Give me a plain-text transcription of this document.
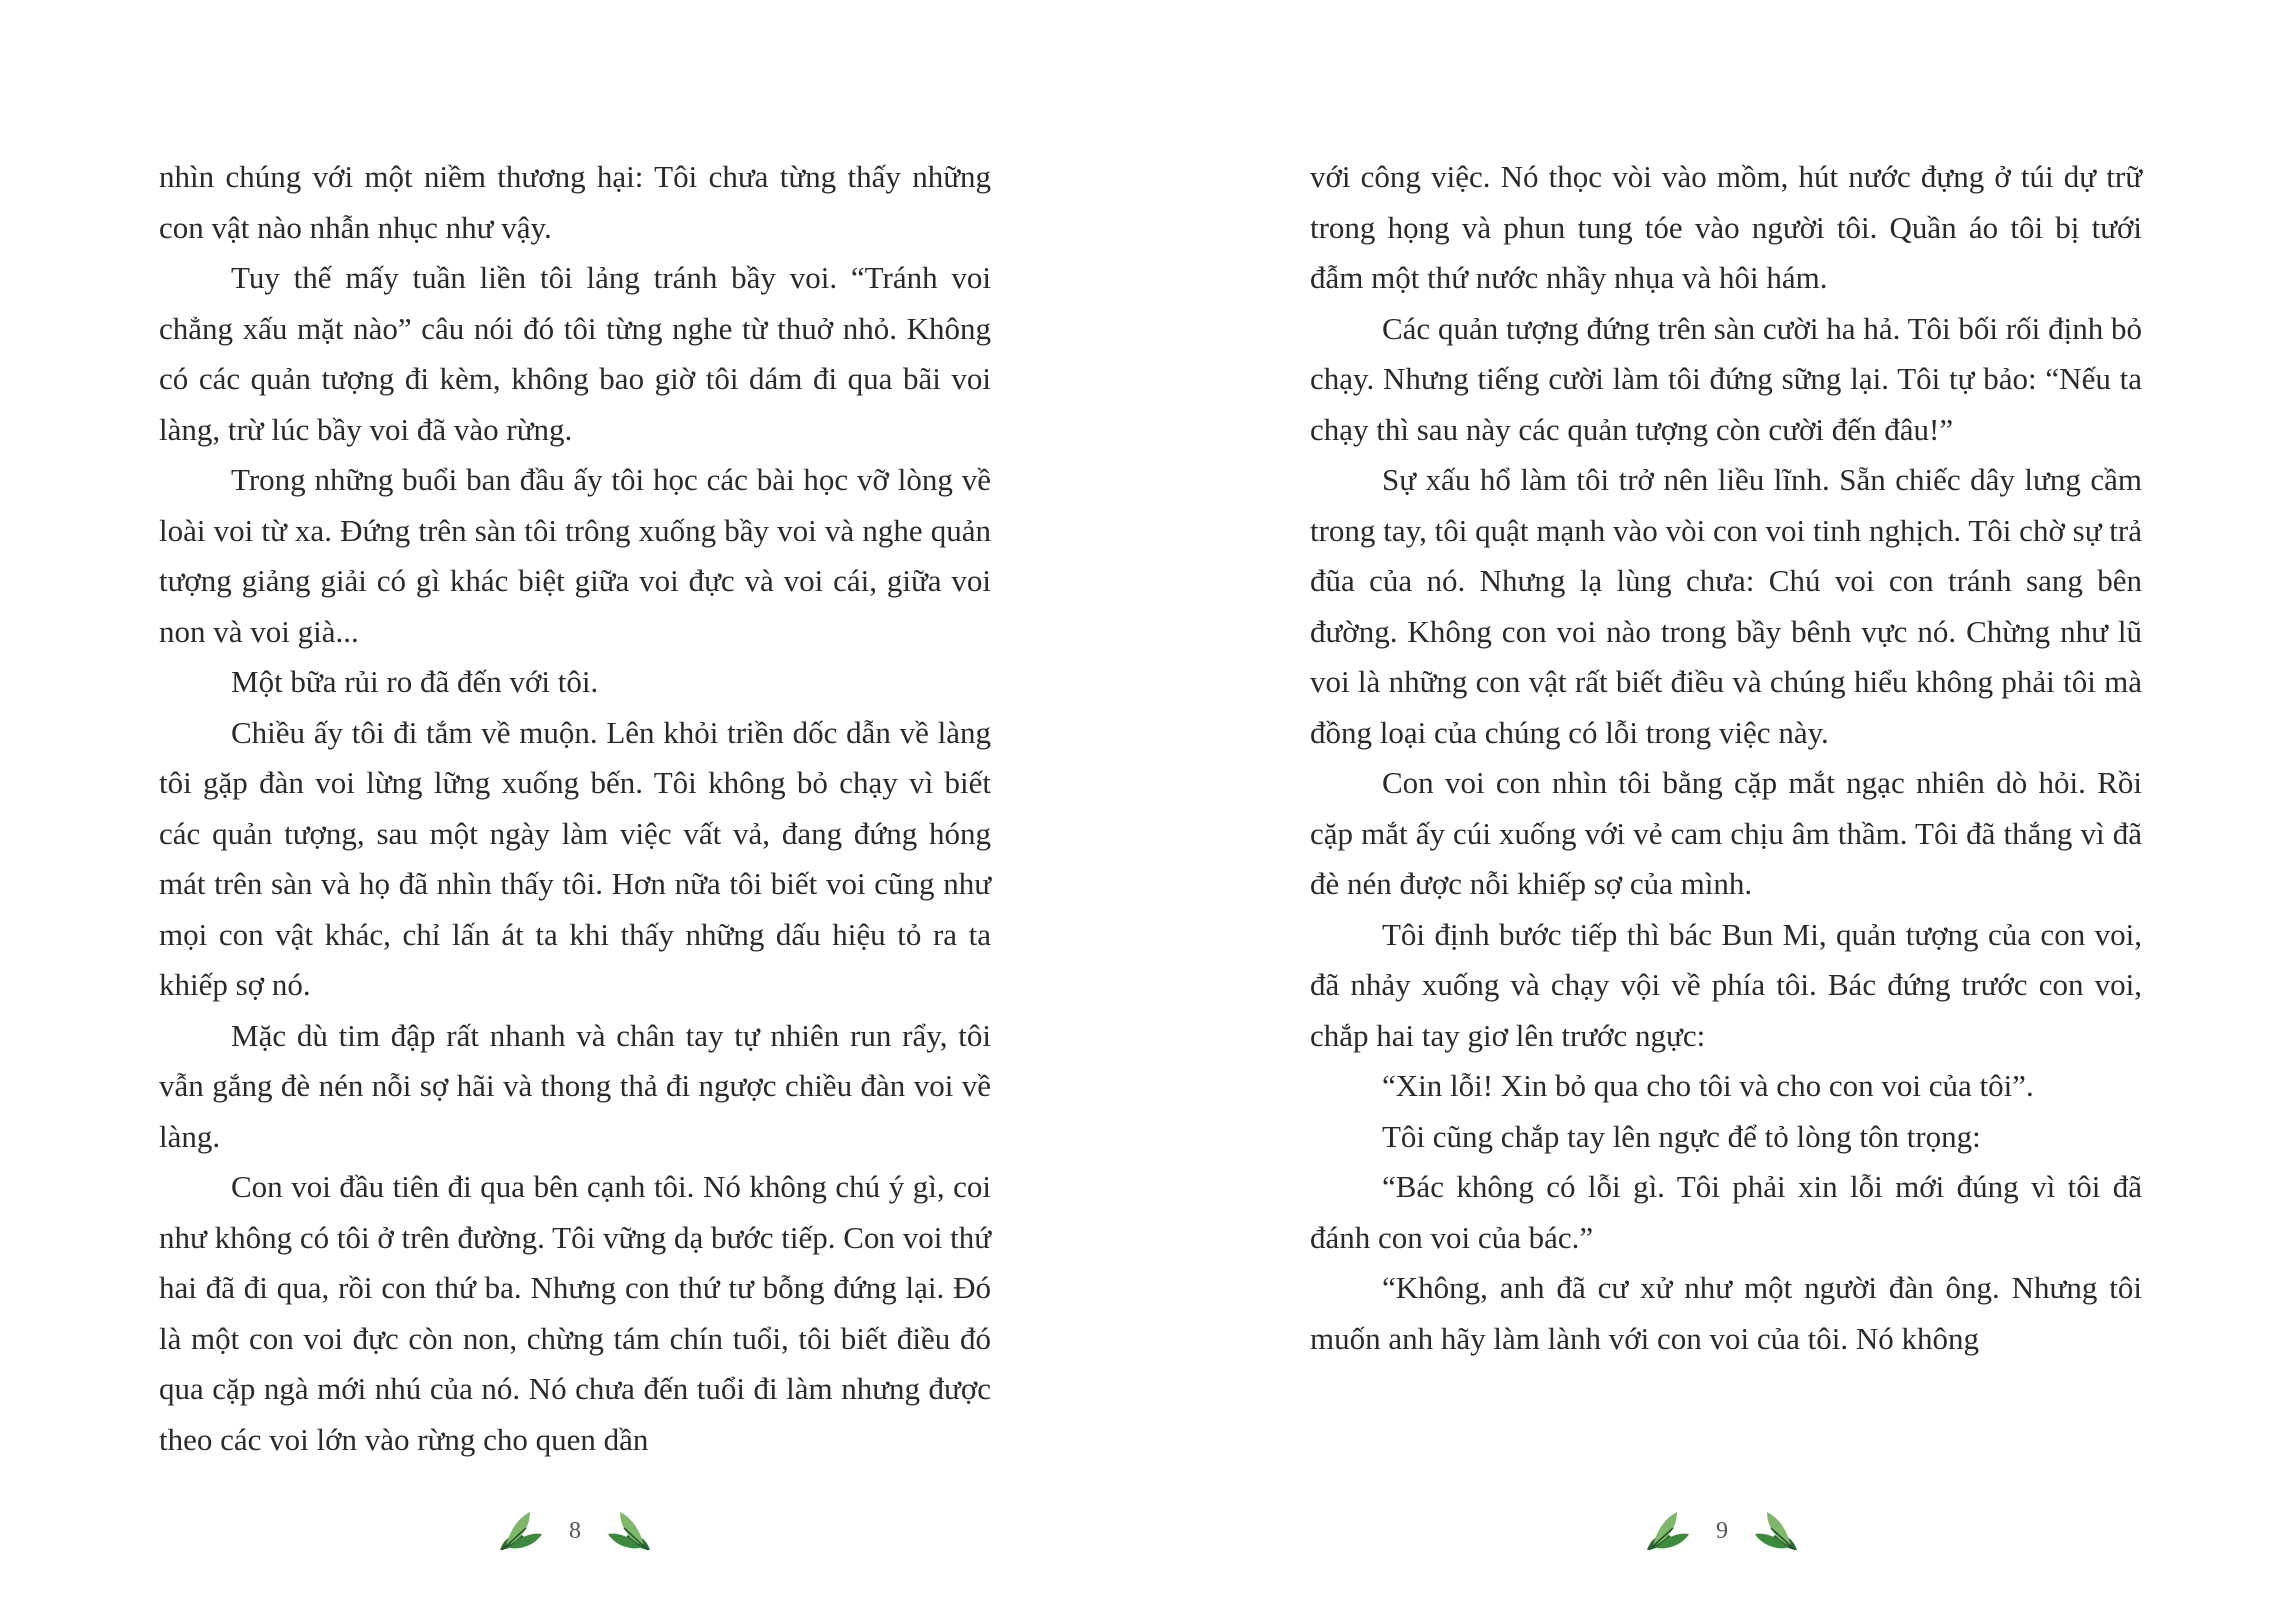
nhìn chúng với một niềm thương hại: Tôi chưa từng thấy những con vật nào nhẫn nhục như vậy.

Tuy thế mấy tuần liền tôi lảng tránh bầy voi. “Tránh voi chẳng xấu mặt nào” câu nói đó tôi từng nghe từ thuở nhỏ. Không có các quản tượng đi kèm, không bao giờ tôi dám đi qua bãi voi làng, trừ lúc bầy voi đã vào rừng.

Trong những buổi ban đầu ấy tôi học các bài học vỡ lòng về loài voi từ xa. Đứng trên sàn tôi trông xuống bầy voi và nghe quản tượng giảng giải có gì khác biệt giữa voi đực và voi cái, giữa voi non và voi già...

Một bữa rủi ro đã đến với tôi.

Chiều ấy tôi đi tắm về muộn. Lên khỏi triền dốc dẫn về làng tôi gặp đàn voi lừng lững xuống bến. Tôi không bỏ chạy vì biết các quản tượng, sau một ngày làm việc vất vả, đang đứng hóng mát trên sàn và họ đã nhìn thấy tôi. Hơn nữa tôi biết voi cũng như mọi con vật khác, chỉ lấn át ta khi thấy những dấu hiệu tỏ ra ta khiếp sợ nó.

Mặc dù tim đập rất nhanh và chân tay tự nhiên run rẩy, tôi vẫn gắng đè nén nỗi sợ hãi và thong thả đi ngược chiều đàn voi về làng.

Con voi đầu tiên đi qua bên cạnh tôi. Nó không chú ý gì, coi như không có tôi ở trên đường. Tôi vững dạ bước tiếp. Con voi thứ hai đã đi qua, rồi con thứ ba. Nhưng con thứ tư bỗng đứng lại. Đó là một con voi đực còn non, chừng tám chín tuổi, tôi biết điều đó qua cặp ngà mới nhú của nó. Nó chưa đến tuổi đi làm nhưng được theo các voi lớn vào rừng cho quen dần

8

với công việc. Nó thọc vòi vào mồm, hút nước đựng ở túi dự trữ trong họng và phun tung tóe vào người tôi. Quần áo tôi bị tưới đẫm một thứ nước nhầy nhụa và hôi hám.

Các quản tượng đứng trên sàn cười ha hả. Tôi bối rối định bỏ chạy. Nhưng tiếng cười làm tôi đứng sững lại. Tôi tự bảo: “Nếu ta chạy thì sau này các quản tượng còn cười đến đâu!”

Sự xấu hổ làm tôi trở nên liều lĩnh. Sẵn chiếc dây lưng cầm trong tay, tôi quật mạnh vào vòi con voi tinh nghịch. Tôi chờ sự trả đũa của nó. Nhưng lạ lùng chưa: Chú voi con tránh sang bên đường. Không con voi nào trong bầy bênh vực nó. Chừng như lũ voi là những con vật rất biết điều và chúng hiểu không phải tôi mà đồng loại của chúng có lỗi trong việc này.

Con voi con nhìn tôi bằng cặp mắt ngạc nhiên dò hỏi. Rồi cặp mắt ấy cúi xuống với vẻ cam chịu âm thầm. Tôi đã thắng vì đã đè nén được nỗi khiếp sợ của mình.

Tôi định bước tiếp thì bác Bun Mi, quản tượng của con voi, đã nhảy xuống và chạy vội về phía tôi. Bác đứng trước con voi, chắp hai tay giơ lên trước ngực:

“Xin lỗi! Xin bỏ qua cho tôi và cho con voi của tôi”.

Tôi cũng chắp tay lên ngực để tỏ lòng tôn trọng:

“Bác không có lỗi gì. Tôi phải xin lỗi mới đúng vì tôi đã đánh con voi của bác.”

“Không, anh đã cư xử như một người đàn ông. Nhưng tôi muốn anh hãy làm lành với con voi của tôi. Nó không

9
